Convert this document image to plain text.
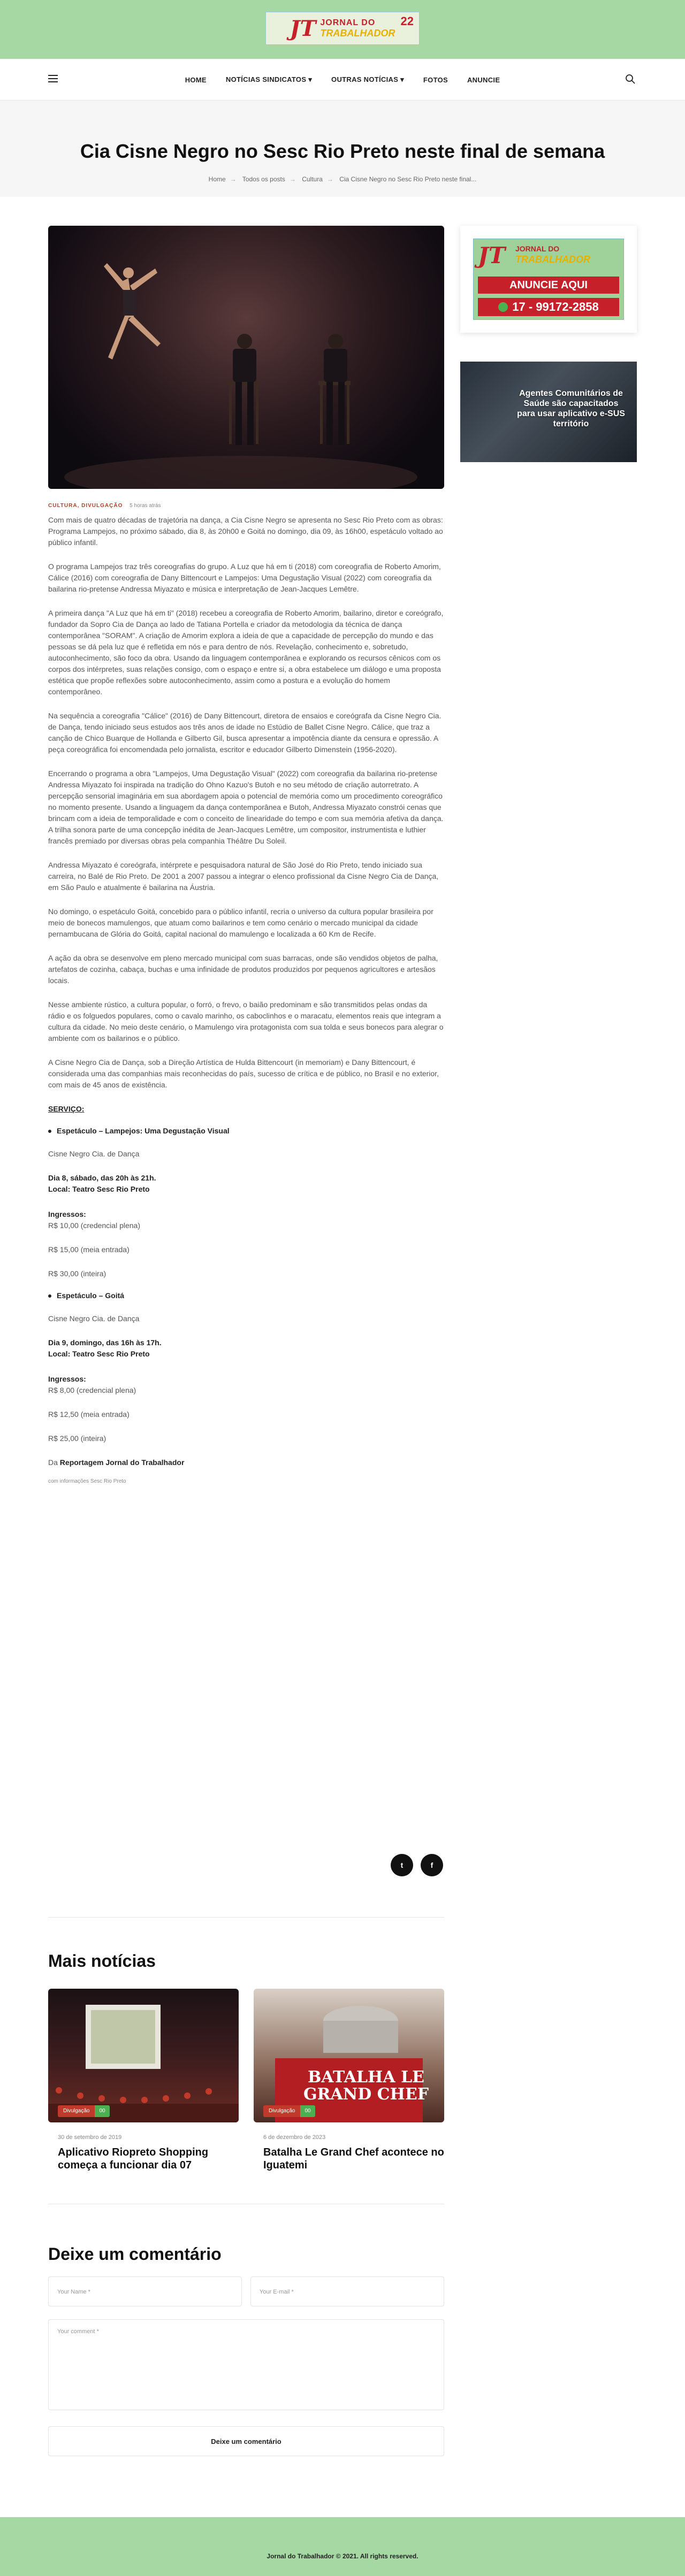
JT JORNAL DO
TRABALHADOR
22
HOME	NOTÍCIAS SINDICATOS ▾	OUTRAS NOTÍCIAS ▾	FOTOS	ANUNCIE
Cia Cisne Negro no Sesc Rio Preto neste final de semana
Home → Todos os posts → Cultura → Cia Cisne Negro no Sesc Rio Preto neste final...
CULTURA, DIVULGAÇÃO 5 horas atrás

Com mais de quatro décadas de trajetória na dança, a Cia Cisne Negro se apresenta no Sesc Rio Preto com as obras: Programa Lampejos, no próximo sábado, dia 8, às 20h00 e Goitá no domingo, dia 09, às 16h00, espetáculo voltado ao público infantil.

O programa Lampejos traz três coreografias do grupo. A Luz que há em ti (2018) com coreografia de Roberto Amorim, Cálice (2016) com coreografia de Dany Bittencourt e Lampejos: Uma Degustação Visual (2022) com coreografia da bailarina rio-pretense Andressa Miyazato e música e interpretação de Jean-Jacques Lemêtre.

A primeira dança "A Luz que há em ti" (2018) recebeu a coreografia de Roberto Amorim, bailarino, diretor e coreógrafo, fundador da Sopro Cia de Dança ao lado de Tatiana Portella e criador da metodologia da técnica de dança contemporânea "SORAM". A criação de Amorim explora a ideia de que a capacidade de percepção do mundo e das pessoas se dá pela luz que é refletida em nós e para dentro de nós. Revelação, conhecimento e, sobretudo, autoconhecimento, são foco da obra. Usando da linguagem contemporânea e explorando os recursos cênicos com os corpos dos intérpretes, suas relações consigo, com o espaço e entre si, a obra estabelece um diálogo e uma proposta estética que propõe reflexões sobre autoconhecimento, assim como a postura e a evolução do homem contemporâneo.

Na sequência a coreografia "Cálice" (2016) de Dany Bittencourt, diretora de ensaios e coreógrafa da Cisne Negro Cia. de Dança, tendo iniciado seus estudos aos três anos de idade no Estúdio de Ballet Cisne Negro. Cálice, que traz a canção de Chico Buarque de Hollanda e Gilberto Gil, busca apresentar a impotência diante da censura e opressão. A peça coreográfica foi encomendada pelo jornalista, escritor e educador Gilberto Dimenstein (1956-2020).

Encerrando o programa a obra "Lampejos, Uma Degustação Visual" (2022) com coreografia da bailarina rio-pretense Andressa Miyazato foi inspirada na tradição do Ohno Kazuo's Butoh e no seu método de criação autorretrato. A percepção sensorial imaginária em sua abordagem apoia o potencial de memória como um procedimento coreográfico no momento presente. Usando a linguagem da dança contemporânea e Butoh, Andressa Miyazato constrói cenas que brincam com a ideia de temporalidade e com o conceito de linearidade do tempo e com sua memória afetiva da dança. A trilha sonora parte de uma concepção inédita de Jean-Jacques Lemêtre, um compositor, instrumentista e luthier francês premiado por diversas obras pela companhia Théâtre Du Soleil.

Andressa Miyazato é coreógrafa, intérprete e pesquisadora natural de São José do Rio Preto, tendo iniciado sua carreira, no Balé de Rio Preto. De 2001 a 2007 passou a integrar o elenco profissional da Cisne Negro Cia de Dança, em São Paulo e atualmente é bailarina na Áustria.

No domingo, o espetáculo Goitá, concebido para o público infantil, recria o universo da cultura popular brasileira por meio de bonecos mamulengos, que atuam como bailarinos e tem como cenário o mercado municipal da cidade pernambucana de Glória do Goitá, capital nacional do mamulengo e localizada a 60 Km de Recife.

A ação da obra se desenvolve em pleno mercado municipal com suas barracas, onde são vendidos objetos de palha, artefatos de cozinha, cabaça, buchas e uma infinidade de produtos produzidos por pequenos agricultores e artesãos locais.

Nesse ambiente rústico, a cultura popular, o forró, o frevo, o baião predominam e são transmitidos pelas ondas da rádio e os folguedos populares, como o cavalo marinho, os caboclinhos e o maracatu, elementos reais que integram a cultura da cidade. No meio deste cenário, o Mamulengo vira protagonista com sua tolda e seus bonecos para alegrar o ambiente com os bailarinos e o público.

A Cisne Negro Cia de Dança, sob a Direção Artística de Hulda Bittencourt (in memoriam) e Dany Bittencourt, é considerada uma das companhias mais reconhecidas do país, sucesso de crítica e de público, no Brasil e no exterior, com mais de 45 anos de existência.

SERVIÇO:
Espetáculo – Lampejos: Uma Degustação Visual
Cisne Negro Cia. de Dança
Dia 8, sábado, das 20h às 21h.
Local: Teatro Sesc Rio Preto
Ingressos:
R$ 10,00 (credencial plena)
R$ 15,00 (meia entrada)
R$ 30,00 (inteira)
Espetáculo – Goitá
Cisne Negro Cia. de Dança
Dia 9, domingo, das 16h às 17h.
Local: Teatro Sesc Rio Preto
Ingressos:
R$ 8,00 (credencial plena)
R$ 12,50 (meia entrada)
R$ 25,00 (inteira)
Da Reportagem Jornal do Trabalhador
com informações Sesc Rio Preto
t	f
Mais notícias
Divulgação	00
30 de setembro de 2019
Aplicativo Riopreto Shopping começa a funcionar dia 07
BATALHA LE GRAND CHEF
Divulgação	00
6 de dezembro de 2023
Batalha Le Grand Chef acontece no Iguatemi
Deixe um comentário
Your Name *	Your E-mail *
Your comment *
Deixe um comentário
JT JORNAL DO
TRABALHADOR
ANUNCIE AQUI
17 - 99172-2858
Agentes Comunitários de Saúde são capacitados para usar aplicativo e-SUS território
Jornal do Trabalhador © 2021. All rights reserved.
